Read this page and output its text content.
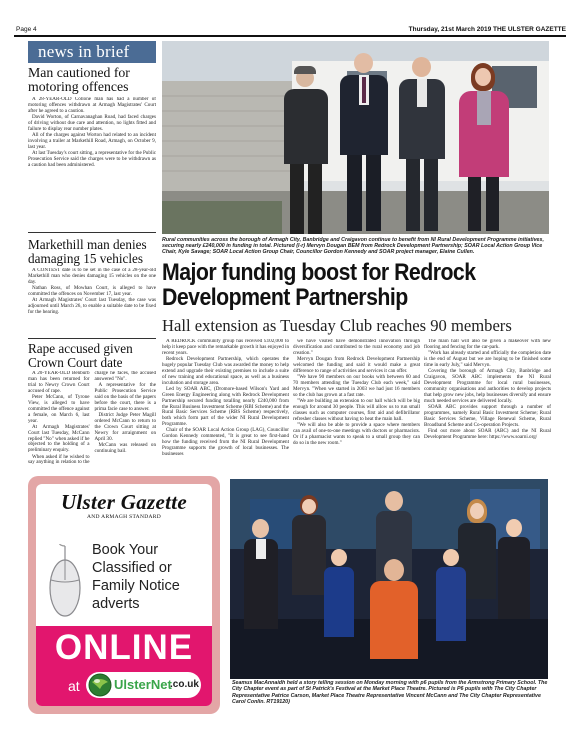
Page 4	Thursday, 21st March 2019 THE ULSTER GAZETTE
news in brief
Man cautioned for motoring offences

A 28-YEAR-OLD Collone man has had a number of motoring offences withdrawn at Armagh Magistrates' Court after he agreed to a caution.

David Worton, of Carnavanaghan Road, had faced charges of driving without due care and attention, no lights fitted and failure to display rear number plates.

All of the charges against Worton had related to an incident involving a trailer at Markethill Road, Armagh, on October 9, last year.

At last Tuesday's court sitting, a representative for the Public Prosecution Service said the charges were to be withdrawn as a caution had been administered.

Markethill man denies damaging 15 vehicles

A CONTEST date is to be set in the case of a 28-year-old Markethill man who denies damaging 15 vehicles on the one day.

Nathan Ross, of Mowhan Court, is alleged to have committed the offences on November 17, last year.

At Armagh Magistrates' Court last Tuesday, the case was adjourned until March 26, to enable a suitable date to be fixed for the hearing.

Rape accused given Crown Court date

A 20-YEAR-OLD Benburb man has been returned for trial to Newry Crown Court accused of rape.

Peter McCann, of Tyrone View, is alleged to have committed the offence against a female, on March 6, last year.

At Armagh Magistrates' Court last Tuesday, McCann replied "No" when asked if he objected to the holding of a preliminary enquiry.

When asked if he wished to say anything in relation to the charge he faces, the accused answered "No".

A representative for the Public Prosecution Service said on the basis of the papers before the court, there is a prima facie case to answer.

District Judge Peter Magill ordered McCann to return to the Crown Court sitting at Newry for arraignment on April 30.

McCann was released on continuing bail.

Rural communities across the borough of Armagh City, Banbridge and Craigavon continue to benefit from NI Rural Development Programme initiatives, securing nearly £240,000 in funding in total. Pictured (l-r) Mervyn Dougan BEM from Redrock Development Partnership; SOAR Local Action Group Vice Chair, Kyle Savage; SOAR Local Action Group Chair, Councillor Gordon Kennedy and SOAR project manager, Elaine Cullen.
Major funding boost for Redrock Development Partnership
Hall extension as Tuesday Club reaches 90 members

A REDROCK community group has received £102,000 to help it keep pace with the remarkable growth it has enjoyed in recent years.

Redrock Development Partnership, which operates the hugely popular Tuesday Club was awarded the money to help extend and upgrade their existing premises to include a suite of new training and educational space, as well as a business incubation and storage area.

Led by SOAR ABC, (Dromore-based Wilson's Yard and Green Energy Engineering along with Redrock Development Partnership secured funding totalling nearly £240,000 from the Rural Business Investment Scheme (RBI Scheme) and the Rural Basic Services Scheme (RBS Scheme) respectively, both which form part of the wider NI Rural Development Programme.

Chair of the SOAR Local Action Group (LAG), Councillor Gordon Kennedy commented, "It is great to see first-hand how the funding received from the NI Rural Development Programme supports the growth of local businesses. The businesses

we have visited have demonstrated innovation through diversification and contributed to the rural economy and job creation."

Mervyn Dougan from Redrock Development Partnership welcomed the funding and said it would make a great difference to range of activities and services it can offer.

"We have 90 members on our books with between 60 and 70 members attending the Tuesday Club each week," said Mervyn. "When we started in 2003 we had just 16 members so the club has grown at a fast rate.

"We are building an extension to our hall which will be big enough for around 30 people. This will allow us to run small classes such as computer courses, first aid and defibrillator refresher classes without having to heat the main hall.

"We will also be able to provide a space where members can avail of one-to-one meetings with doctors or pharmacists. Or if a pharmacist wants to speak to a small group they can do so in the new room."

The main hall will also be given a makeover with new flooring and fencing for the car-park.

"Work has already started and officially the completion date is the end of August but we are hoping to be finished some time in early July," said Mervyn.

Covering the borough of Armagh City, Banbridge and Craigavon, SOAR ABC implements the NI Rural Development Programme for local rural businesses, community organisations and authorities to develop projects that help grow new jobs, help businesses diversify and ensure much needed services are delivered locally.

SOAR ABC provides support through a number of programmes, namely Rural Basic Investment Scheme; Rural Basic Services Scheme, Village Renewal Scheme, Rural Broadband Scheme and Co-operation Projects.

Find out more about SOAR (ABC) and the NI Rural Development Programme here: https://www.soarni.org/

Ulster Gazette
AND ARMAGH STANDARD
Book Your
Classified or
Family Notice
adverts
ONLINE
at	UlsterNet
.co.uk	Seamus MacAnnaidh held a story telling session on Monday morning with p6 pupils from the Armstrong Primary School. The City Chapter event as part of St Patrick's Festival at the Market Place Theatre. Pictured is P6 pupils with The City Chapter Representative Patrice Carson, Market Place Theatre Representative Vincent McCann and The City Chapter Representative Carol Conlin. RT19120)
